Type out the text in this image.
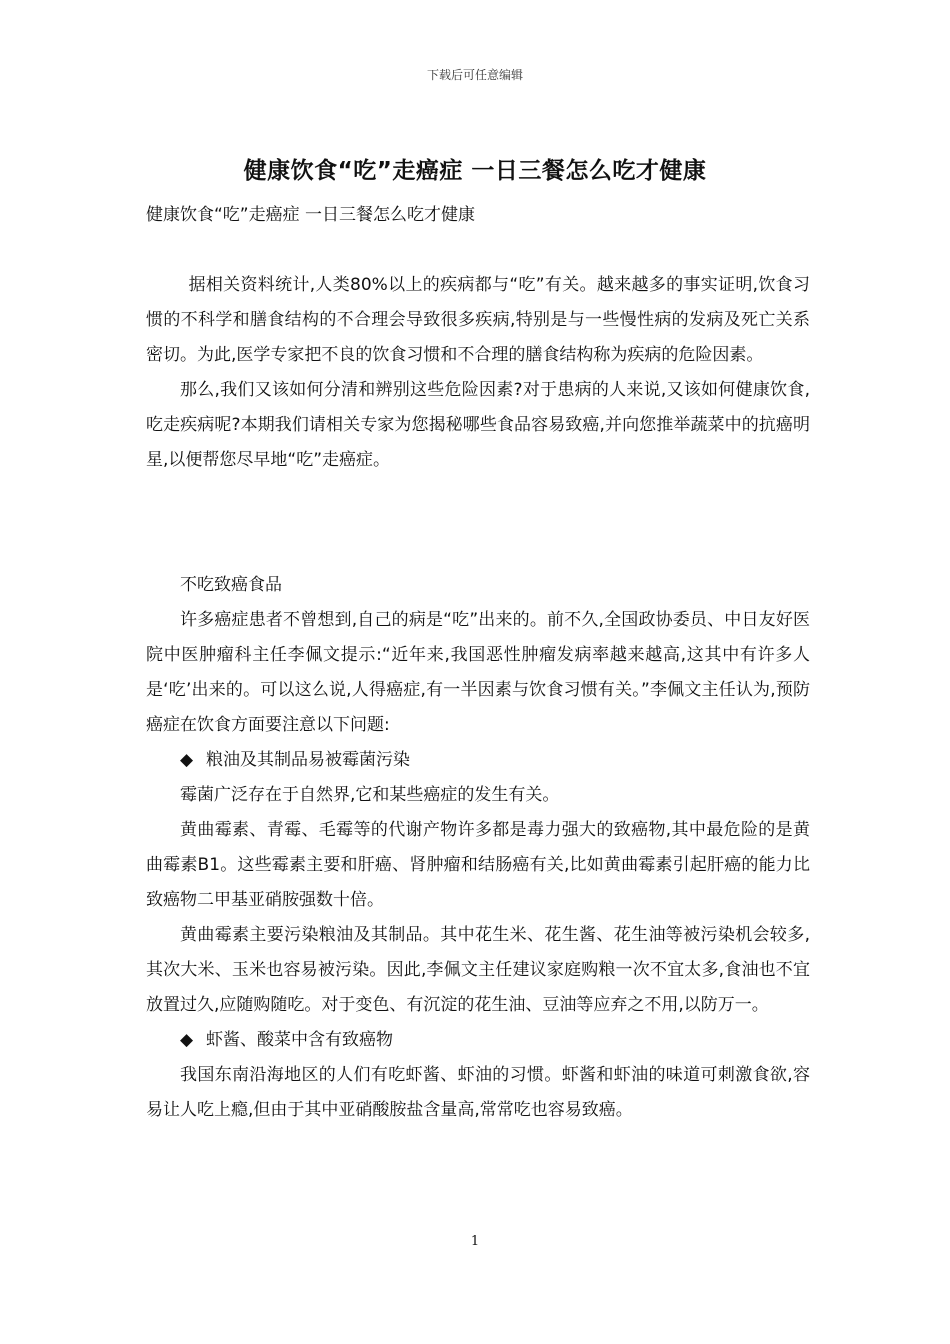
下载后可任意编辑
健康饮食“吃”走癌症 一日三餐怎么吃才健康
健康饮食“吃”走癌症 一日三餐怎么吃才健康

据相关资料统计,人类80%以上的疾病都与“吃”有关。越来越多的事实证明,饮食习惯的不科学和膳食结构的不合理会导致很多疾病,特别是与一些慢性病的发病及死亡关系密切。为此,医学专家把不良的饮食习惯和不合理的膳食结构称为疾病的危险因素。

那么,我们又该如何分清和辨别这些危险因素?对于患病的人来说,又该如何健康饮食,吃走疾病呢?本期我们请相关专家为您揭秘哪些食品容易致癌,并向您推举蔬菜中的抗癌明星,以便帮您尽早地“吃”走癌症。

不吃致癌食品

许多癌症患者不曾想到,自己的病是“吃”出来的。前不久,全国政协委员、中日友好医院中医肿瘤科主任李佩文提示:“近年来,我国恶性肿瘤发病率越来越高,这其中有许多人是‘吃’出来的。可以这么说,人得癌症,有一半因素与饮食习惯有关。”李佩文主任认为,预防癌症在饮食方面要注意以下问题:

◆ 粮油及其制品易被霉菌污染

霉菌广泛存在于自然界,它和某些癌症的发生有关。

黄曲霉素、青霉、毛霉等的代谢产物许多都是毒力强大的致癌物,其中最危险的是黄曲霉素B1。这些霉素主要和肝癌、肾肿瘤和结肠癌有关,比如黄曲霉素引起肝癌的能力比致癌物二甲基亚硝胺强数十倍。

黄曲霉素主要污染粮油及其制品。其中花生米、花生酱、花生油等被污染机会较多,其次大米、玉米也容易被污染。因此,李佩文主任建议家庭购粮一次不宜太多,食油也不宜放置过久,应随购随吃。对于变色、有沉淀的花生油、豆油等应弃之不用,以防万一。

◆ 虾酱、酸菜中含有致癌物

我国东南沿海地区的人们有吃虾酱、虾油的习惯。虾酱和虾油的味道可刺激食欲,容易让人吃上瘾,但由于其中亚硝酸胺盐含量高,常常吃也容易致癌。

1
